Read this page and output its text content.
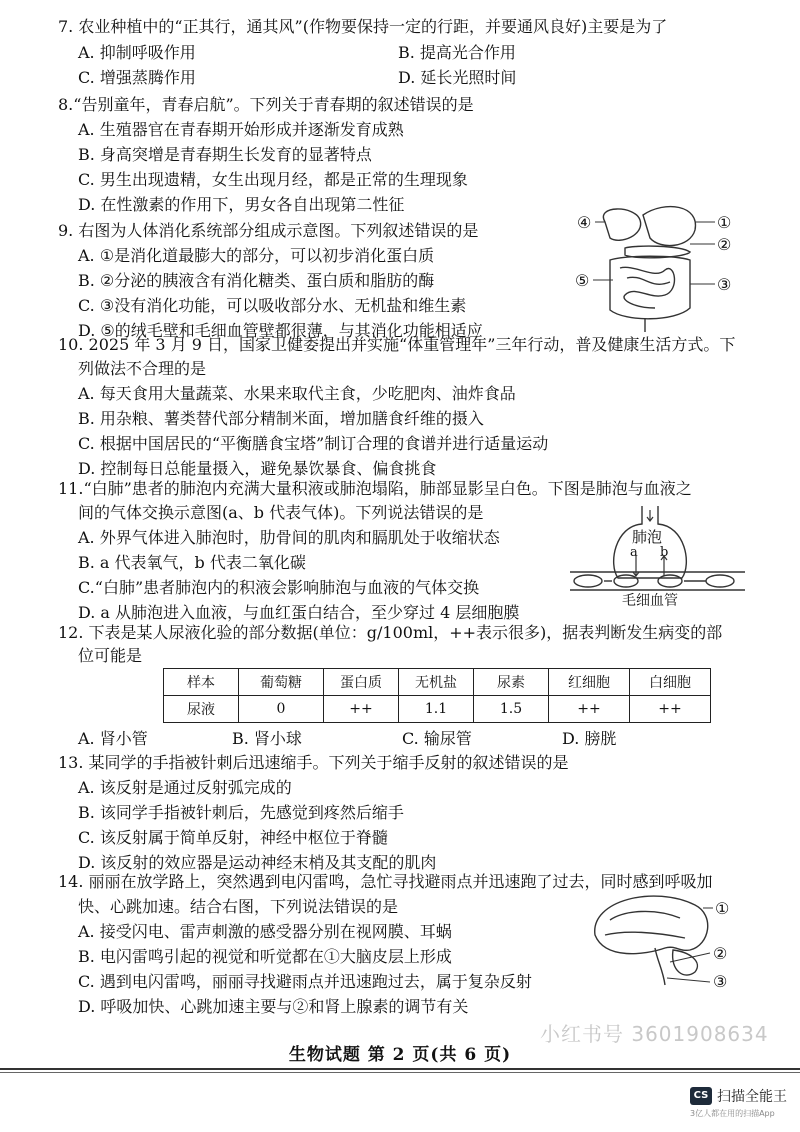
7. 农业种植中的“正其行，通其风”(作物要保持一定的行距，并要通风良好)主要是为了
A. 抑制呼吸作用	B. 提高光合作用
C. 增强蒸腾作用	D. 延长光照时间
8.“告别童年，青春启航”。下列关于青春期的叙述错误的是
A. 生殖器官在青春期开始形成并逐渐发育成熟
B. 身高突增是青春期生长发育的显著特点
C. 男生出现遗精，女生出现月经，都是正常的生理现象
D. 在性激素的作用下，男女各自出现第二性征
9. 右图为人体消化系统部分组成示意图。下列叙述错误的是
A. ①是消化道最膨大的部分，可以初步消化蛋白质
B. ②分泌的胰液含有消化糖类、蛋白质和脂肪的酶
C. ③没有消化功能，可以吸收部分水、无机盐和维生素
D. ⑤的绒毛壁和毛细血管壁都很薄，与其消化功能相适应
④	①
②
⑤	③
10. 2025 年 3 月 9 日，国家卫健委提出并实施“体重管理年”三年行动，普及健康生活方式。下
列做法不合理的是
A. 每天食用大量蔬菜、水果来取代主食，少吃肥肉、油炸食品
B. 用杂粮、薯类替代部分精制米面，增加膳食纤维的摄入
C. 根据中国居民的“平衡膳食宝塔”制订合理的食谱并进行适量运动
D. 控制每日总能量摄入，避免暴饮暴食、偏食挑食
11.“白肺”患者的肺泡内充满大量积液或肺泡塌陷，肺部显影呈白色。下图是肺泡与血液之
间的气体交换示意图(a、b 代表气体)。下列说法错误的是
A. 外界气体进入肺泡时，肋骨间的肌肉和膈肌处于收缩状态
B. a 代表氧气，b 代表二氧化碳
C.“白肺”患者肺泡内的积液会影响肺泡与血液的气体交换
D. a 从肺泡进入血液，与血红蛋白结合，至少穿过 4 层细胞膜
肺泡
a b
毛细血管
12. 下表是某人尿液化验的部分数据(单位：g/100ml，++表示很多)，据表判断发生病变的部
位可能是
样本	葡萄糖	蛋白质	无机盐	尿素	红细胞	白细胞
尿液	0	++	1.1	1.5	++	++
A. 肾小管	B. 肾小球	C. 输尿管	D. 膀胱
13. 某同学的手指被针刺后迅速缩手。下列关于缩手反射的叙述错误的是
A. 该反射是通过反射弧完成的
B. 该同学手指被针刺后，先感觉到疼然后缩手
C. 该反射属于简单反射，神经中枢位于脊髓
D. 该反射的效应器是运动神经末梢及其支配的肌肉
14. 丽丽在放学路上，突然遇到电闪雷鸣，急忙寻找避雨点并迅速跑了过去，同时感到呼吸加
快、心跳加速。结合右图，下列说法错误的是
A. 接受闪电、雷声刺激的感受器分别在视网膜、耳蜗
B. 电闪雷鸣引起的视觉和听觉都在①大脑皮层上形成
C. 遇到电闪雷鸣，丽丽寻找避雨点并迅速跑过去，属于复杂反射
D. 呼吸加快、心跳加速主要与②和肾上腺素的调节有关
①
②
③
小红书号 3601908634
生物试题 第 2 页(共 6 页)
CS 扫描全能王
3亿人都在用的扫描App
